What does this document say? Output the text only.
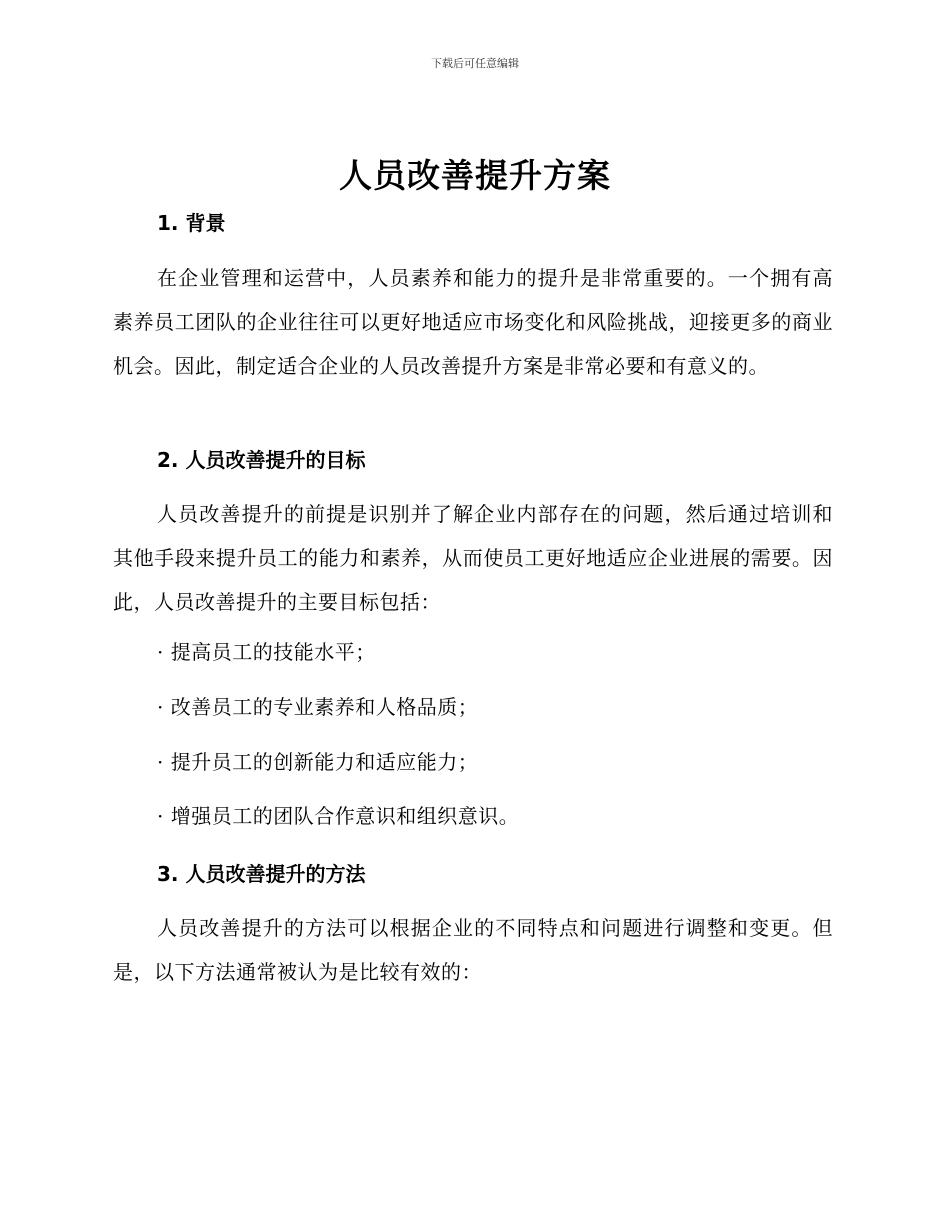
下载后可任意编辑
人员改善提升方案
1. 背景
在企业管理和运营中，人员素养和能力的提升是非常重要的。一个拥有高素养员工团队的企业往往可以更好地适应市场变化和风险挑战，迎接更多的商业机会。因此，制定适合企业的人员改善提升方案是非常必要和有意义的。
2. 人员改善提升的目标
人员改善提升的前提是识别并了解企业内部存在的问题，然后通过培训和其他手段来提升员工的能力和素养，从而使员工更好地适应企业进展的需要。因此，人员改善提升的主要目标包括：
· 提高员工的技能水平；
· 改善员工的专业素养和人格品质；
· 提升员工的创新能力和适应能力；
· 增强员工的团队合作意识和组织意识。
3. 人员改善提升的方法
人员改善提升的方法可以根据企业的不同特点和问题进行调整和变更。但是，以下方法通常被认为是比较有效的：
